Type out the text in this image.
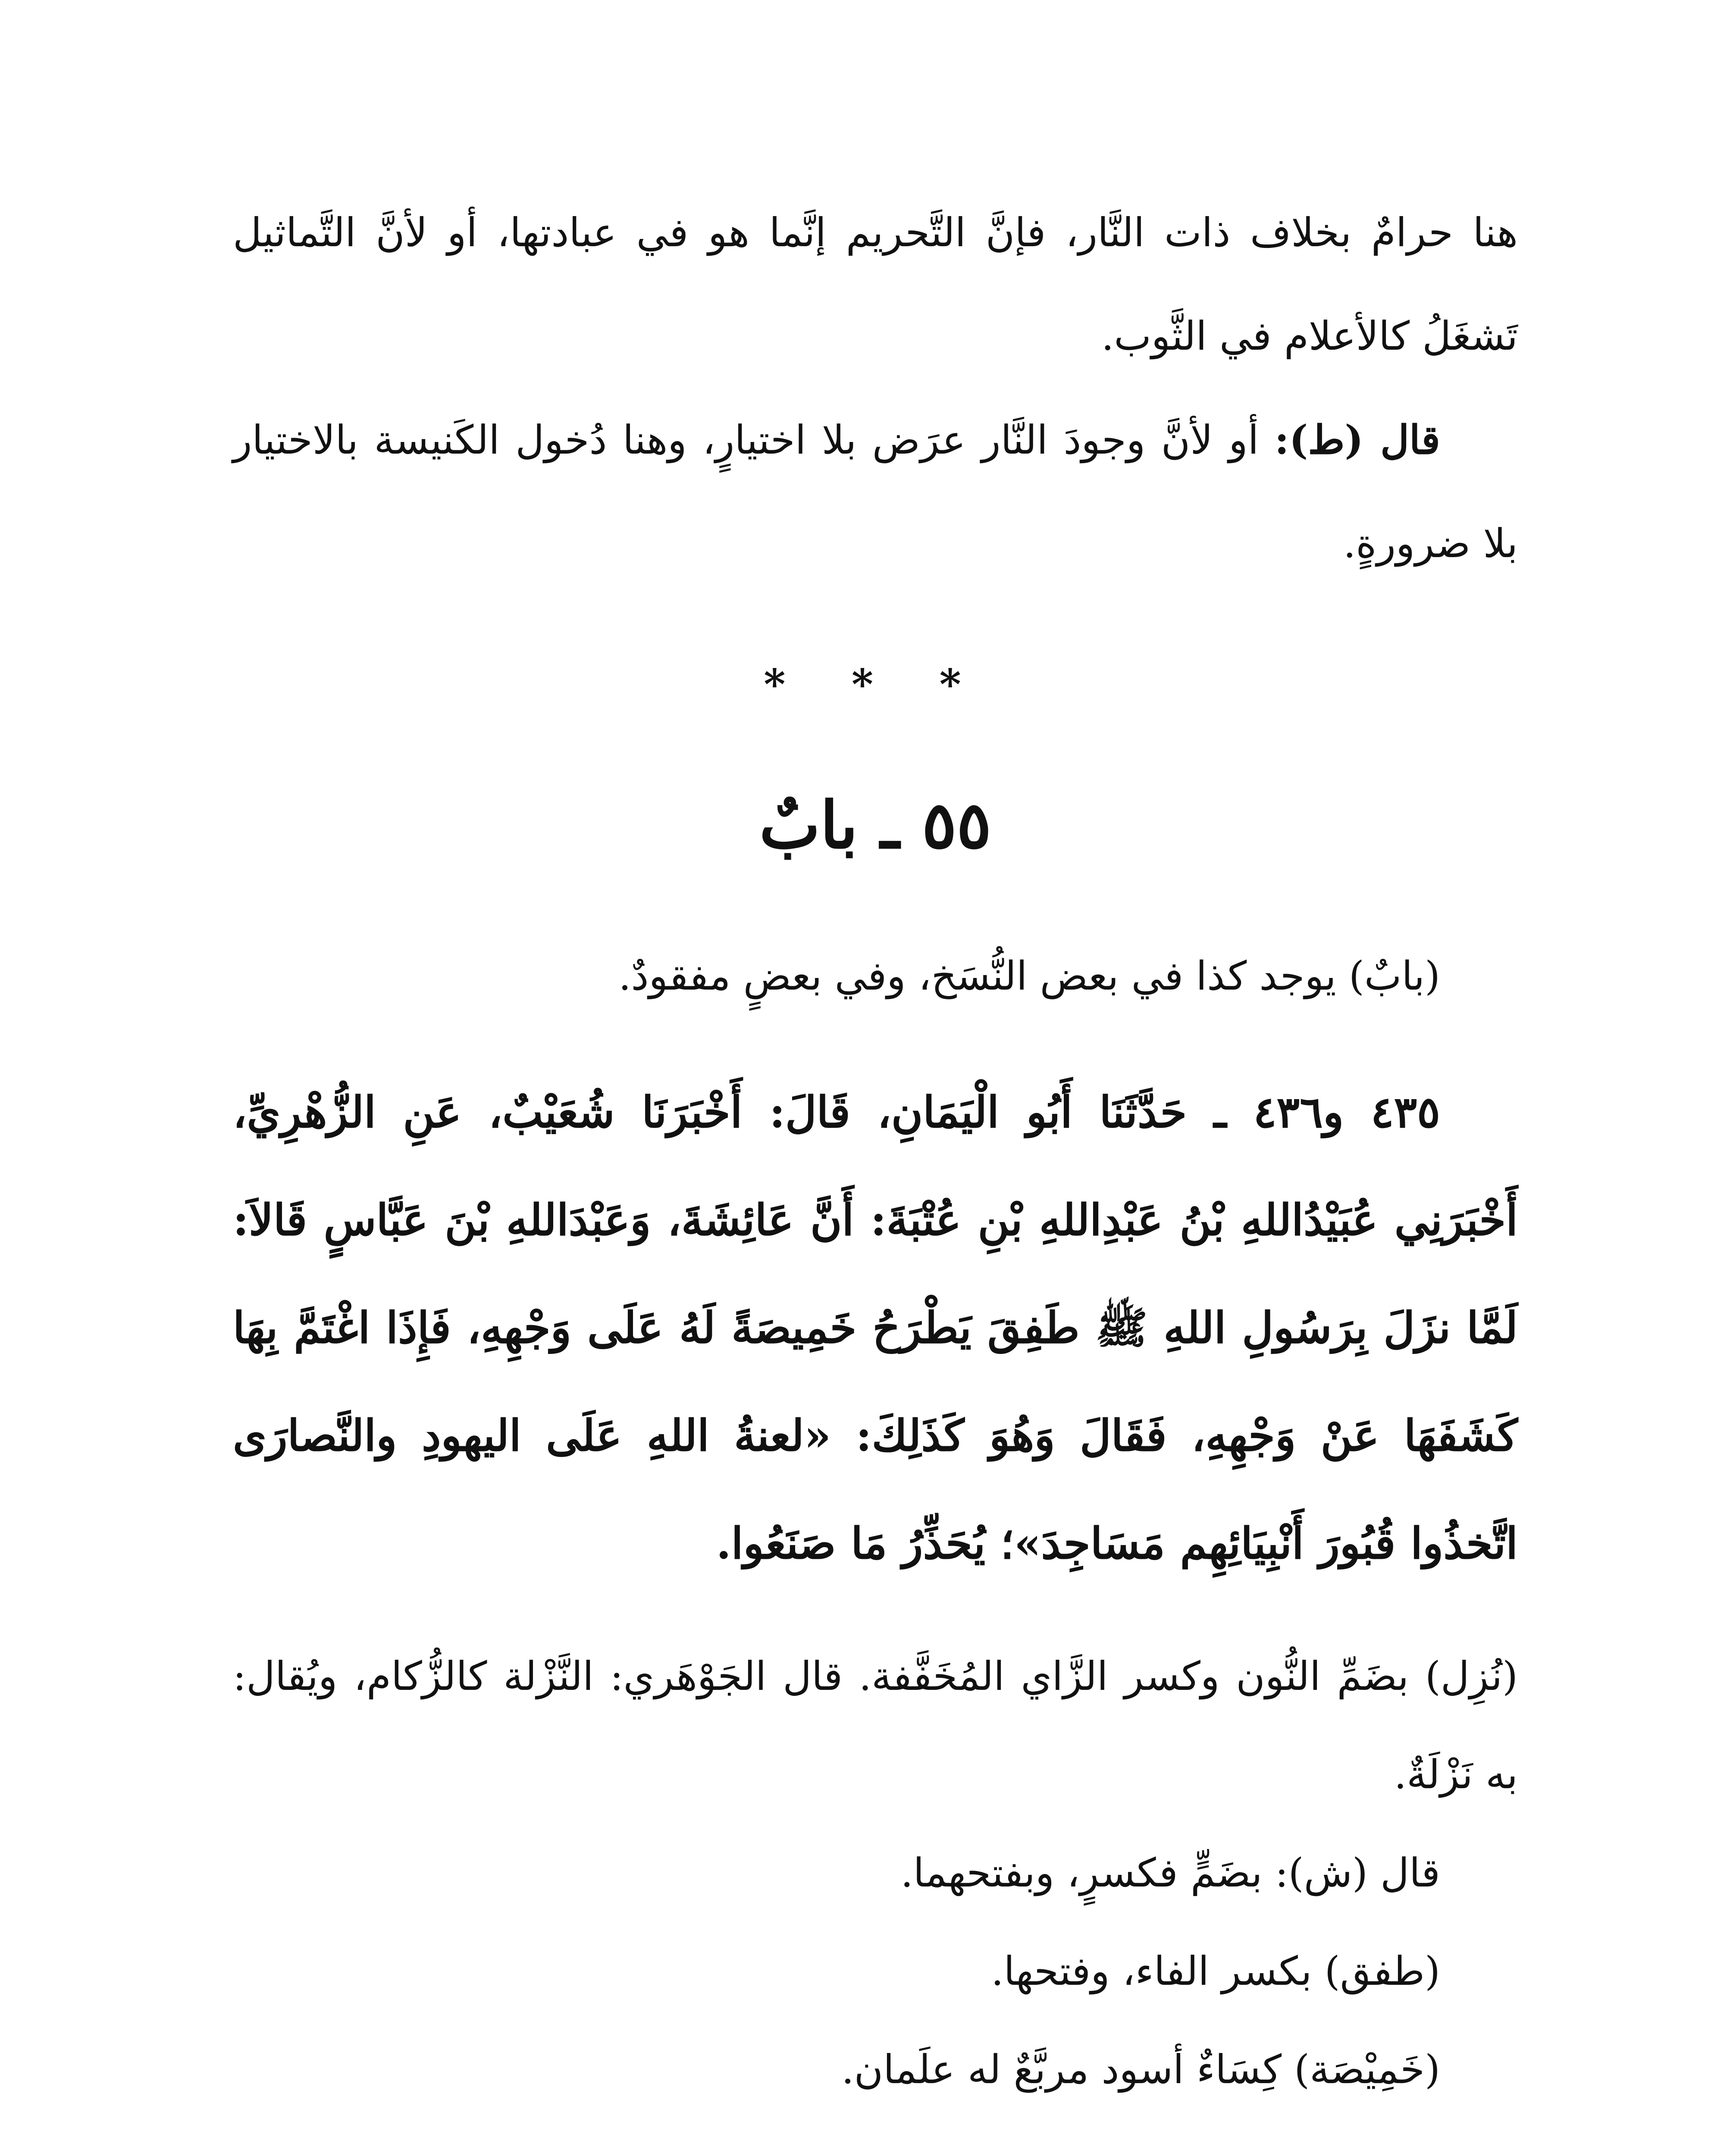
هنا حرامٌ بخلاف ذات النَّار، فإنَّ التَّحريم إنَّما هو في عبادتها، أو لأنَّ التَّماثيل تَشغَلُ كالأعلام في الثَّوب.

قال (ط): أو لأنَّ وجودَ النَّار عرَض بلا اختيارٍ، وهنا دُخول الكَنيسة بالاختيار بلا ضرورةٍ.

* * *
٥٥ ـ بابٌ

(بابٌ) يوجد كذا في بعض النُّسَخ، وفي بعضٍ مفقودٌ.

٤٣٥ و٤٣٦ ـ حَدَّثَنَا أَبُو الْيَمَانِ، قَالَ: أَخْبَرَنَا شُعَيْبٌ، عَنِ الزُّهْرِيِّ، أَخْبَرَنِي عُبَيْدُاللهِ بْنُ عَبْدِاللهِ بْنِ عُتْبَةَ: أَنَّ عَائِشَةَ، وَعَبْدَاللهِ بْنَ عَبَّاسٍ قَالاَ: لَمَّا نزَلَ بِرَسُولِ اللهِ ﷺ طَفِقَ يَطْرَحُ خَمِيصَةً لَهُ عَلَى وَجْهِهِ، فَإِذَا اغْتَمَّ بِهَا كَشَفَهَا عَنْ وَجْهِهِ، فَقَالَ وَهُوَ كَذَلِكَ: «لعنةُ اللهِ عَلَى اليهودِ والنَّصارَى اتَّخذُوا قُبُورَ أَنْبِيَائِهِم مَسَاجِدَ»؛ يُحَذِّرُ مَا صَنَعُوا.

(نُزِل) بضَمِّ النُّون وكسر الزَّاي المُخَفَّفة. قال الجَوْهَري: النَّزْلة كالزُّكام، ويُقال: به نَزْلَةٌ.

قال (ش): بضَمٍّ فكسرٍ، وبفتحهما.

(طفق) بكسر الفاء، وفتحها.

(خَمِيْصَة) كِسَاءٌ أسود مربَّعٌ له علَمان.
